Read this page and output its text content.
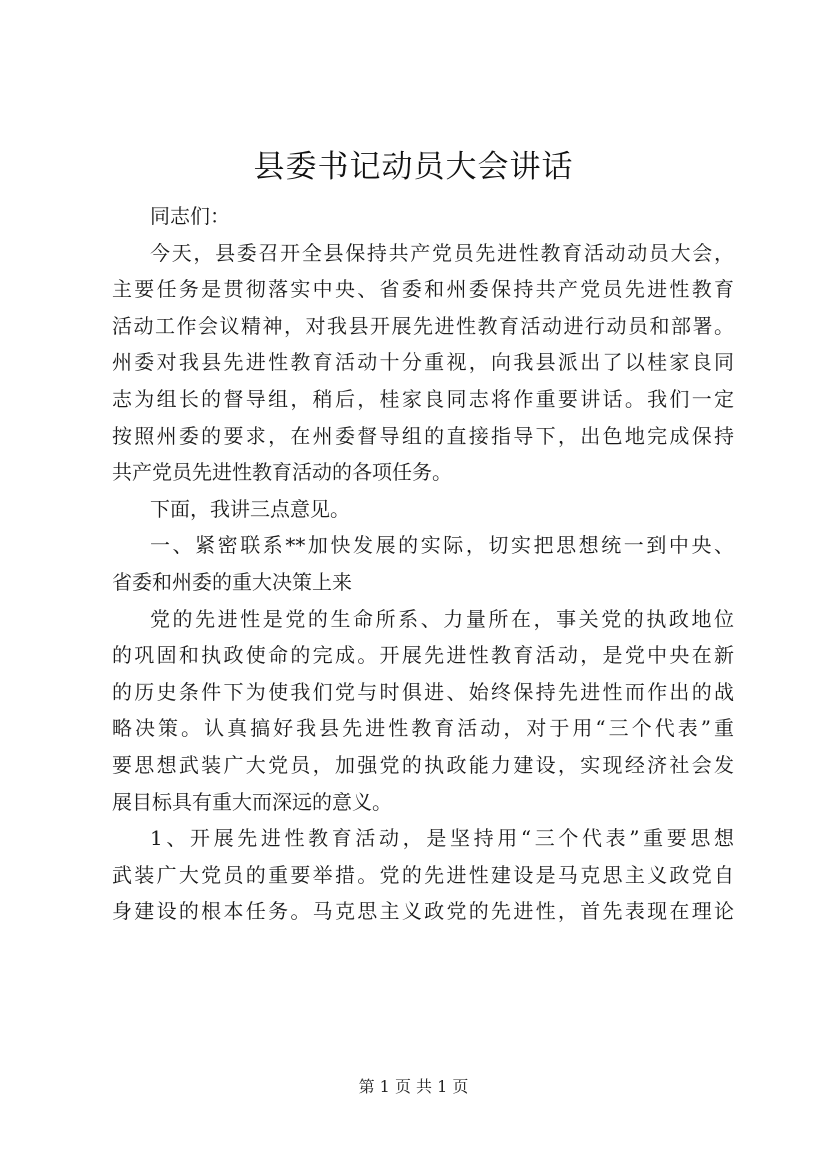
县委书记动员大会讲话
同志们：
今天，县委召开全县保持共产党员先进性教育活动动员大会，
主要任务是贯彻落实中央、省委和州委保持共产党员先进性教育
活动工作会议精神，对我县开展先进性教育活动进行动员和部署。
州委对我县先进性教育活动十分重视，向我县派出了以桂家良同
志为组长的督导组，稍后，桂家良同志将作重要讲话。我们一定
按照州委的要求，在州委督导组的直接指导下，出色地完成保持
共产党员先进性教育活动的各项任务。
下面，我讲三点意见。
一、紧密联系**加快发展的实际，切实把思想统一到中央、
省委和州委的重大决策上来
党的先进性是党的生命所系、力量所在，事关党的执政地位
的巩固和执政使命的完成。开展先进性教育活动，是党中央在新
的历史条件下为使我们党与时俱进、始终保持先进性而作出的战
略决策。认真搞好我县先进性教育活动，对于用“三个代表”重
要思想武装广大党员，加强党的执政能力建设，实现经济社会发
展目标具有重大而深远的意义。
1、开展先进性教育活动，是坚持用“三个代表”重要思想
武装广大党员的重要举措。党的先进性建设是马克思主义政党自
身建设的根本任务。马克思主义政党的先进性，首先表现在理论
第 1 页 共 1 页
